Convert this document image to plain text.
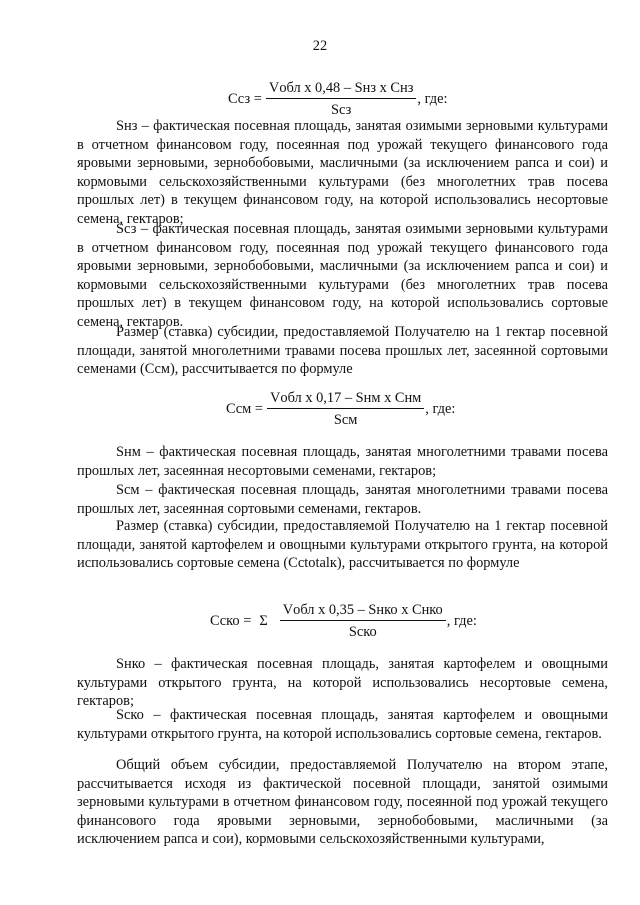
22
Ссз = $\frac{\text{Vобл х 0,48 – Sнз х Снз}}{\text{Sсз}}$ , где:

Sнз – фактическая посевная площадь, занятая озимыми зерновыми культурами в отчетном финансовом году, посеянная под урожай текущего финансового года яровыми зерновыми, зернобобовыми, масличными (за исключением рапса и сои) и кормовыми сельскохозяйственными культурами (без многолетних трав посева прошлых лет) в текущем финансовом году, на которой использовались несортовые семена, гектаров;

Sсз – фактическая посевная площадь, занятая озимыми зерновыми культурами в отчетном финансовом году, посеянная под урожай текущего финансового года яровыми зерновыми, зернобобовыми, масличными (за исключением рапса и сои) и кормовыми сельскохозяйственными культурами (без многолетних трав посева прошлых лет) в текущем финансовом году, на которой использовались сортовые семена, гектаров.

Размер (ставка) субсидии, предоставляемой Получателю на 1 гектар посевной площади, занятой многолетними травами посева прошлых лет, засеянной сортовыми семенами (Ссм), рассчитывается по формуле

Ссм = $\frac{\text{Vобл х 0,17 – Sнм х Снм}}{\text{Sсм}}$ , где:

Sнм – фактическая посевная площадь, занятая многолетними травами посева прошлых лет, засеянная несортовыми семенами, гектаров;

Sсм – фактическая посевная площадь, занятая многолетними травами посева прошлых лет, засеянная сортовыми семенами, гектаров.

Размер (ставка) субсидии, предоставляемой Получателю на 1 гектар посевной площади, занятой картофелем и овощными культурами открытого грунта, на которой использовались сортовые семена (Ссtotalк), рассчитывается по формуле

Сско = Σ $\frac{\text{Vобл х 0,35 – Sнко х Снко}}{\text{Sско}}$ , где:

Sнко – фактическая посевная площадь, занятая картофелем и овощными культурами открытого грунта, на которой использовались несортовые семена, гектаров;

Sско – фактическая посевная площадь, занятая картофелем и овощными культурами открытого грунта, на которой использовались сортовые семена, гектаров.

Общий объем субсидии, предоставляемой Получателю на втором этапе, рассчитывается исходя из фактической посевной площади, занятой озимыми зерновыми культурами в отчетном финансовом году, посеянной под урожай текущего финансового года яровыми зерновыми, зернобобовыми, масличными (за исключением рапса и сои), кормовыми сельскохозяйственными культурами,
